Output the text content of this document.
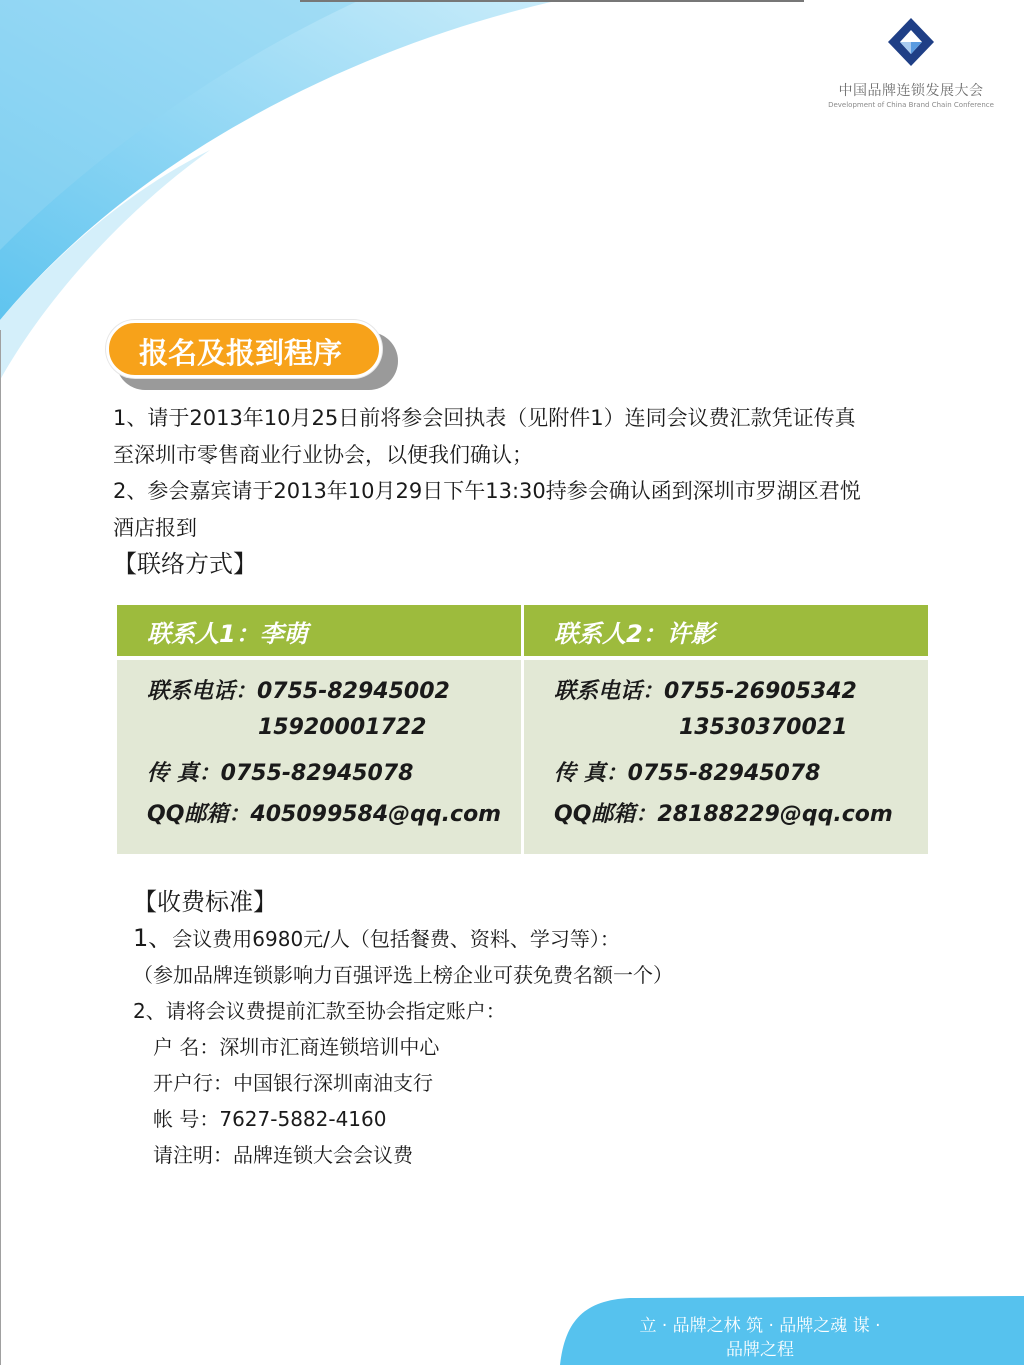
中国品牌连锁发展大会
Development of China Brand Chain Conference
报名及报到程序

1、请于2013年10月25日前将参会回执表（见附件1）连同会议费汇款凭证传真

至深圳市零售商业行业协会，以便我们确认；

2、参会嘉宾请于2013年10月29日下午13:30持参会确认函到深圳市罗湖区君悦

酒店报到

【联络方式】
联系人1：李萌	联系人2：许影
联系电话：0755-82945002
15920001722
传 真：0755-82945078
QQ邮箱：405099584@qq.com
联系电话：0755-26905342
13530370021
传 真：0755-82945078
QQ邮箱：28188229@qq.com
【收费标准】

1、会议费用6980元/人（包括餐费、资料、学习等）：

（参加品牌连锁影响力百强评选上榜企业可获免费名额一个）

2、请将会议费提前汇款至协会指定账户：

户 名：深圳市汇商连锁培训中心

开户行：中国银行深圳南油支行

帐 号：7627-5882-4160

请注明：品牌连锁大会会议费

立 · 品牌之林 筑 · 品牌之魂 谋 ·
品牌之程
